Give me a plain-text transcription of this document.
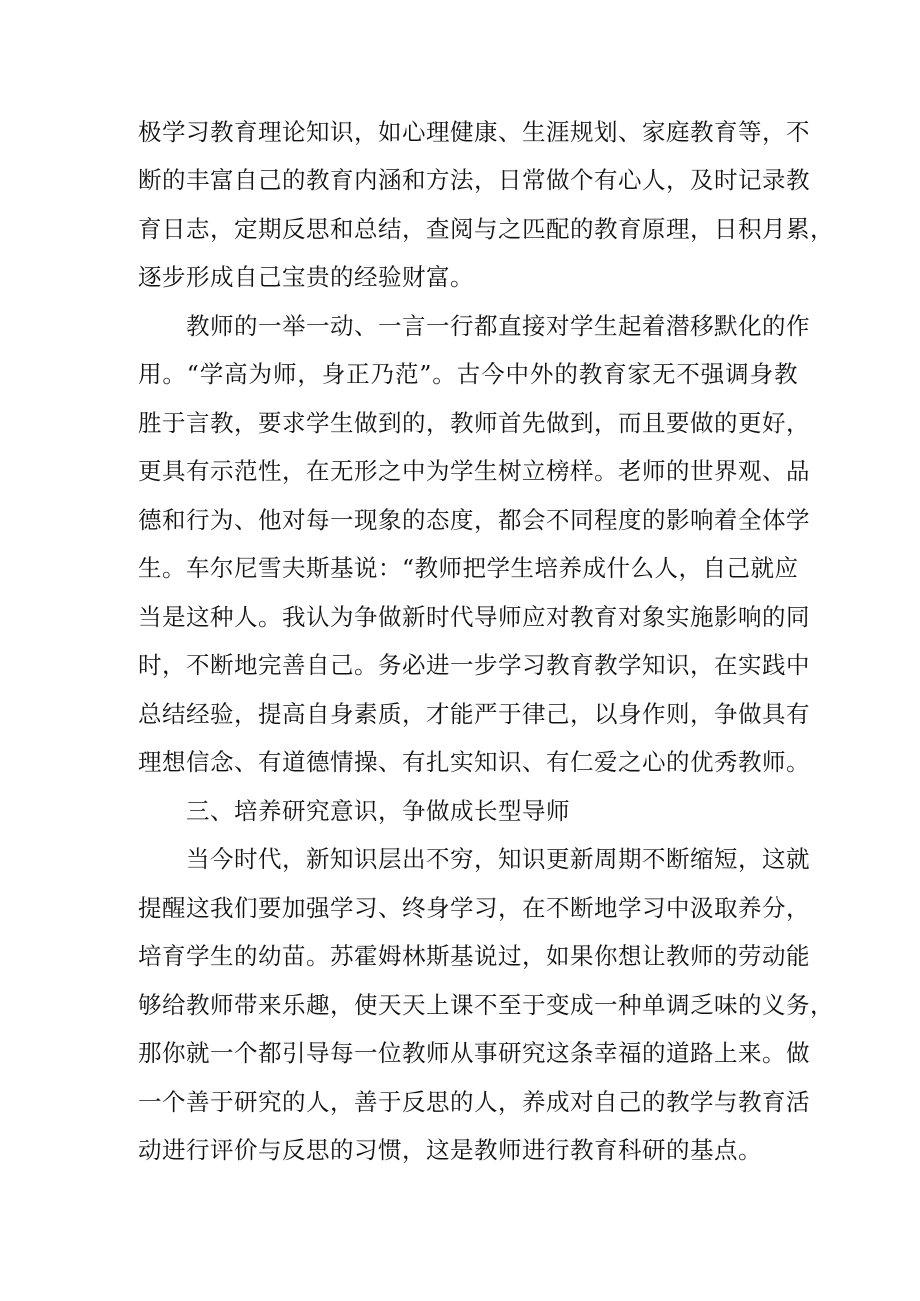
极学习教育理论知识，如心理健康、生涯规划、家庭教育等，不
断的丰富自己的教育内涵和方法，日常做个有心人，及时记录教
育日志，定期反思和总结，查阅与之匹配的教育原理，日积月累，
逐步形成自己宝贵的经验财富。
教师的一举一动、一言一行都直接对学生起着潜移默化的作
用。“学高为师，身正乃范”。古今中外的教育家无不强调身教
胜于言教，要求学生做到的，教师首先做到，而且要做的更好，
更具有示范性，在无形之中为学生树立榜样。老师的世界观、品
德和行为、他对每一现象的态度，都会不同程度的影响着全体学
生。车尔尼雪夫斯基说：“教师把学生培养成什么人，自己就应
当是这种人。我认为争做新时代导师应对教育对象实施影响的同
时，不断地完善自己。务必进一步学习教育教学知识，在实践中
总结经验，提高自身素质，才能严于律己，以身作则，争做具有
理想信念、有道德情操、有扎实知识、有仁爱之心的优秀教师。
三、培养研究意识，争做成长型导师
当今时代，新知识层出不穷，知识更新周期不断缩短，这就
提醒这我们要加强学习、终身学习，在不断地学习中汲取养分，
培育学生的幼苗。苏霍姆林斯基说过，如果你想让教师的劳动能
够给教师带来乐趣，使天天上课不至于变成一种单调乏味的义务，
那你就一个都引导每一位教师从事研究这条幸福的道路上来。做
一个善于研究的人，善于反思的人，养成对自己的教学与教育活
动进行评价与反思的习惯，这是教师进行教育科研的基点。
